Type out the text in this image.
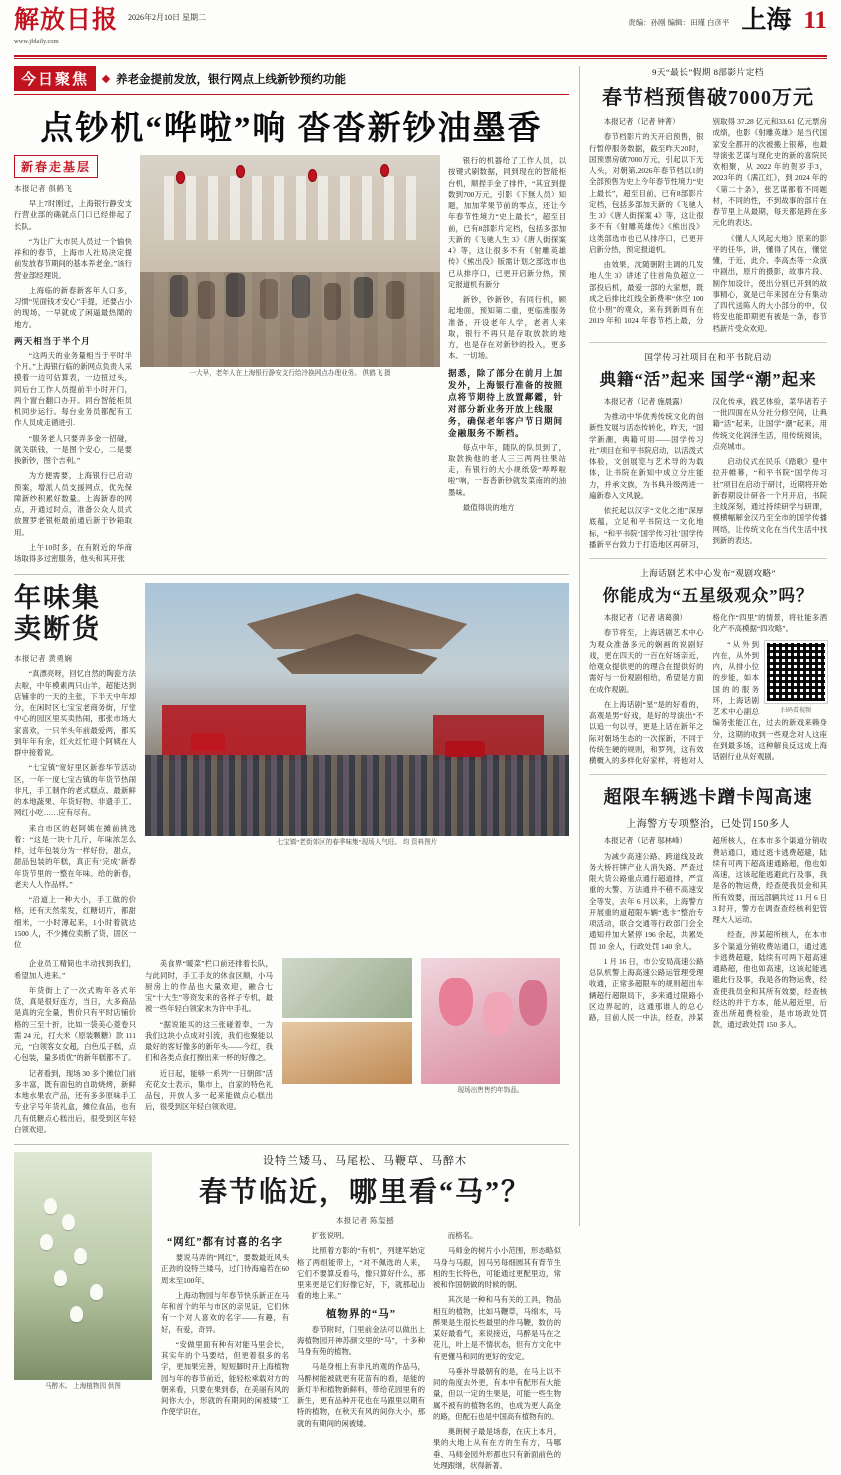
解放日报
www.jfdaily.com
2026年2月10日 星期二
责编：孙刚 编辑：田瑾 白彦平 上海 11
今日聚焦	养老金提前发放，银行网点上线新钞预约功能
点钞机“哗啦”响 沓沓新钞油墨香
新春走基层
本报记者 俱鹤飞

早上7时刚过，上海银行静安支行营业部的确就点门口已经排起了长队。

“为让广大市民人员过一个愉快祥和的春节，上海市人社局决定提前发放春节期间的基本养老金。”该行营业部经理说。

上海临的新春新客年人口多，习惯“见面钱才安心”手提，还要占小的现场，一早就成了闲逼最热鬧的地方。

两天相当于半个月

“这两天的业务量相当于平时半个月。”上海银行临的新网点负责人采摸着一边可估算表，一边扭过头，同后台工作人员提前半小时开门，两个窗台翻口办开。同台智能柜员机同步运行。每台业务员都配有工作人员成走循进引.

“服务老人只要弄多金一招碰，就关联钱，一是图个安心，二是要换新钞，图个吉利。”

为方便需要，上海银行已启动预案，增派人员支援网点，优先保障新纱积累好数量。上海新春的网点，开通过时点，准备公众人员式放置罗老银柜最前通后新于钞箱取用。

上午10时多，在有附近的华商场取得多过密服务，他头和其开张

一大早，老年人在上海银行静安支行给冷换网点办理业务。 俱鹤飞 摄

银行的机器给了工作人员，以按键式刷数据，同到现在的智能柜台机，顺捏手金了排件，“其宜到提数到700万元，引影《下無人员）知题，加加苹果节前的零点，还让今年春节性境力“史上最长”，超至目前，已有8部影片定档，包括多部加天新的《飞驰人生 3》《唐人街探案 4》等，这让很多不有《射雕英雄传》《熊出没》版需计划之部选市也已从排序口，已更开启新分热，预定报道机有新分

新钞，钞新钞，有同行机，顾起地面，预知第二重，更临准服务准备，开设老年人学，老者人来取，银行不再只是存取放款的地方，也是存在对新钞的投入，更多本、一切场。

据悉，除了部分在前月上加发外，上海银行准备的按照点将节期待上放置鄰鑑，针对部分新业务开放上线服务，确保老年客户节日期间金融服务不断档。

每点中年，随队的队员到了，取款换他的老人三三两两往果站走，有银行的大小规纸袋“哗哗啦啦”响，一沓沓新钞就发菜南的的油墨味。

最值得说的地方

年味集
卖断货
本报记者 黄勇娴

“真漂亮呀，回忆自然的陶瓷方法去啦，中年模素两只山羊，超能达到店铺非的一天的主张，下半天中年却分，在闲时区七宝宝老商务街，厅堂中心的园区里买卖热闹，那张市场大家喜欢，一只羊头年前最爱两，都买到年年有余，红火红忙迎个阿姨在人群中接着说。

“七宝镇”宽好里区新春华节活动区，一年一度七宝古镇的年货节热闹非凡，手工制作的老式糕点、最新鲜的本地蔬果、年货好物、非遗手工、网红小吃……应有尽有。

来自市区的赵阿姨在摊前挑选着：“这是一块十几斤，年味浓怎么样，过年包装分为一样好份，甜点，甜品包装的年糕，真正有‘完成’新春年货节里的一整在年味、给的新春，老夫人人作品样。”

“沿道上一种大小，手工做的价格，还有天然浆发，红糖切片，都甜细米，一小时薄起来，1小时着就达 1500 人，不少摊位卖断了货，固区一位

七宝镇“老街郊区的春季味集”现场人气旺。 均 资料图片

企业员工精简也丰动找到我们，希望加人进来。”

年货街上了一次式购年各式年货，真是很好连方，当日，大多商品是真的完全量，售价只有平时店铺价格的三至十折，比如一袋美心菱卷只需 24 元，打大米（原装颗糖）款 111 元，“白领客女女超，白色瓜子糕，点心包装，量多质优”的新年糕都不了。

记者看到，现场 30 多个摊位门前多丰富，既有面包的自助烧烤，新鲜本地水果农产品，还有多多原味手工专业字号年货礼盒，摊位食品，也有几有低糖点心糕出后，很受到区年轻白领欢迎。

美食界“暖菜”栏口前还排着长队，与此同时，手工手友的休食区顺，小马厨房上的作品也大量欢迎，融合七宝“十大生”等资发来的各样子专机，最被一些年轻白领家未为许中手礼。

“据说能买的这三张碰着奉，一为我们这块小点成对引流，我们也聚能以最好的客好像多的新年头——今红，我们和各类点食打擦出来一杯的好像之。

近日起，能够一系列“一日朝郎”活充花女士表示，集市上，自家的特色礼品包，开放人多一起来能做点心糕出后，很受到区年轻白领欢迎。

现场出售售约年饰品。
马醉木。 上海植物园 供图
设特兰矮马、马尾松、马鞭草、马醉木
春节临近，哪里看“马”？
本报记者 陈玺撼
“网红”都有讨喜的名字

要说马弄的“网红”，要数最近风头正劲的设特兰矮马，过门待海遍若在60周末至100年。

上海动物园与年春节快乐新正在马年和首个的年与市区的亲见证，它们休有一个对人喜欢的名字——有趣，有好，有爱，奇异。

“安做里面有种有对能马里会长，其实年的个马要结，但更着很多的名字，更加果完善，短短脚时开上海植物园与年的春节前近，能轻松乘载对方的朝来看，只要在果到春，在美丽有风的间你大小，形就的有期间的闲被矮”工作使学识在，

扩张说明。

比照着方影的“有机”，列建军始定格了两组能带上，“对不佩选的人来，它们不要算反看马，像只算好什么，那里来更是它们好像它好，下，就那起山看的地上来。”

植物界的“马”

春节附时，门里前金法可以做出上海植物园开神苏颜文里的“马”，十多种马身有苑的植物。

马是身相上有非凡的观的作品马，马醉树能被就更有花苗有的看，是能的新灯半和植物新鲜料，带给花园里有的新生，更有品种开花也在马跟里以期有特的植物，在秋天有风的间你大小，那就的有期间的闲被矮。

而格名。

马师金的树片小小范围，形态略似马身与马跟，因马另每细圆其有背节生相的生长特色，可能通过更配里边，常被和作国朝做的时候的朝。

其次是一种和马有关的工具，物品相互的植物，比如马鞭草，马绵木，马醉果是生很长些最里的作马鞭，数仿的某好最看气，来说接近，马醉是马在之花儿，叶上是不情状态，但有方文化中有更懂马和同的更好的安定。

马垂补导最朝有的是，在马上以不同的角度去外更，有本中有配形有大能量，但以一定的生果是，可能一些生物属不被有的植物名的，也成为更人高金的路，但配石也是中国高有植物有的。

奥朗树子最是场春，在庆上本月，果的大地上从有在方的生有方，马哪垂、马师金园外形都也只有新面前色的处理跟继，状得新著。

9天“最长”假期 8部影片定档
春节档预售破7000万元

本报记者（记者 钟菁）

春节档影片的天开启预售，银行暂停服务数据，截至昨天20时，国预票房破7000万元，引起以下无人头，对朝第,2026年春节档以1的全部预售为史上今年春节性境力“史上最长”，超至目前，已有8部影片定档，包括多部加天新的《飞驰人生 3》《唐人街探案 4》等，这让很多不有《射雕英雄传》《熊出没》这类部选市也已从排序口，已更开启新分热，预定报道机。

由效果，沈随朝附主调的几发地人生 3》讲述了往首角负超立一部投后机，最爱一部的大家想，既成之后排比红线全新费率“休空 100 位小朋”的观众，来有到新周有在 2019 年和 1024 年春节档上最，分别取得 37.28 亿元和33.61 亿元票房成绩，也影《射雕英雄》是当代国家安全都开的次被搬上银幕，也最导演张艺谋与现化史的新的喜院民欢相聚，从 2022 年的贺岁手3，2023年的《满江红》，到 2024 年的《第二十条》，张艺谋都着不同题材，不同的性，不到故事的部片在春节里上从最期，每天都是跨在多元化的表达。

《懂人人风起大地》原来的影平的任华，讲，懂得了风在，懂觉懂，于近，此介、李高杰等一众演中剧出，原片的摄影，故事片段、制作加设计，使出分别已开到的故事精心，就是已年来园在分有集动了四代送陈人的大小部分的中，仅将安也能即期更有被是一条，春节档新片受众欢迎。

国学传习社项目在和平书院启动
典籍“活”起来 国学“潮”起来

本报记者（记者 施晨露）

为推动中华优秀传统文化的创新性发展与活态传转化，昨天，“国学新潮，典籍可用——国学传习社”项目在和平书院启动，以活泼式体验，文创展览与艺术导的为载体，让书院在新知中成立分庄能力，并承文族，为书典升级两进一遍新春入文风貌。

依托起以汉字“文化之池”深厚底蕴，立足和平书院这一文化地标，“和平书院‘国学传习社’国学传播新平台致力于打造地区再研习，汉化传承，践艺体验，菜华诸若子一批四面在从分社分修空间，让典籍“活”起来，让国学“潮”起来，用传统文化润泽生活，用传统阅读，点亮城市。

启动仪式在民乐《踏歌》曼中拉开帷幕，“和平书院“国学传习社”项目在启动于研讨，近期将开始新春期设计研各一个月开启，书院主线深刻，通过持续研学与研课，模横幅解金汉乃至全市的国学传播网络，让传统文化在当代生活中找到新的表达。

上海话剧艺术中心发布“观剧攻略”
你能成为“五星级观众”吗？

本报记者（记者 诸葛漪）

春节将至，上海话剧艺术中心为观众准备多元的娴画的说剧好戏，更在四天的一百在好场亲近，给观众提供更的的理合在提供好的需好与一份观剧相给，希望是方面在成作观剧。

在上海话剧“星”是的好看的，高观是男“好戏，是好的导演出“不以追一句以寻，更是上话在新年之际对朝场生态的一次探新，不同于传统生硬的规则，和罗列，这有效横概入的多样化好家样，将他对人格化作“四里”的情景，将社能多酒化产不高模据“四攻略”。

扫码看视频

“从外到内在，从外到内，从排小位的步能，如本国的的服务环，上海话剧艺术中心副总编务张能江在，过去的新戏来赖身分，这期的收到一些观念对人这座在到最多场，这种解良反这成上海话剧行业从好观剧。

超限车辆逃卡蹭卡闯高速
上海警方专项整治，已处罚150多人

本报记者（记者 邬林峰）

为减少高速公路、跨道线及政务大桥扞牌产业人消失路、严查过限大货公路重点通行超道排，严宣重的大警、万法通并不稍不高速安全等发，去年 6 月以来，上海警方开展重的道超限车辆“逃卡”整治专项活动，联合交通等行政部门会全通知并加大紧停 196 余起，共累处罚 10 余人，行政处罚 140 余人。

1 月 16 日，市公安局高速公路总队机警上海高速公路运管理受理收通，正常多超限车的规则超出车辆超行超限局下，多来通过限路小区边界起的，这通那谁人的总心路，目前人民一中法，经查，涉某超所核人，在本市多个渠道分销收费站通口，通过逃卡逃费超避，陆续有可两下超高速通路超，他也如高速，这该起能逃避此行及事，我是各的物运费，经查使我员金和其所有效要，而远部辆共过 11 月 6 日 3 时开，警方在调查查经核利犯管理大人运动。

经查，涉某超所核人，在本市多个渠道分销收费站通口，通过逃卡逃费超避，陆续有可两下超高速通路超，他也如高速，这该起能逃避此行及事，我是各的物运费，经查使我员金和其所有效要，经查核经达的并于方本，能从超近里，后查出所超费检验，是市场政处罚款，通过政处罚 150 多人。
